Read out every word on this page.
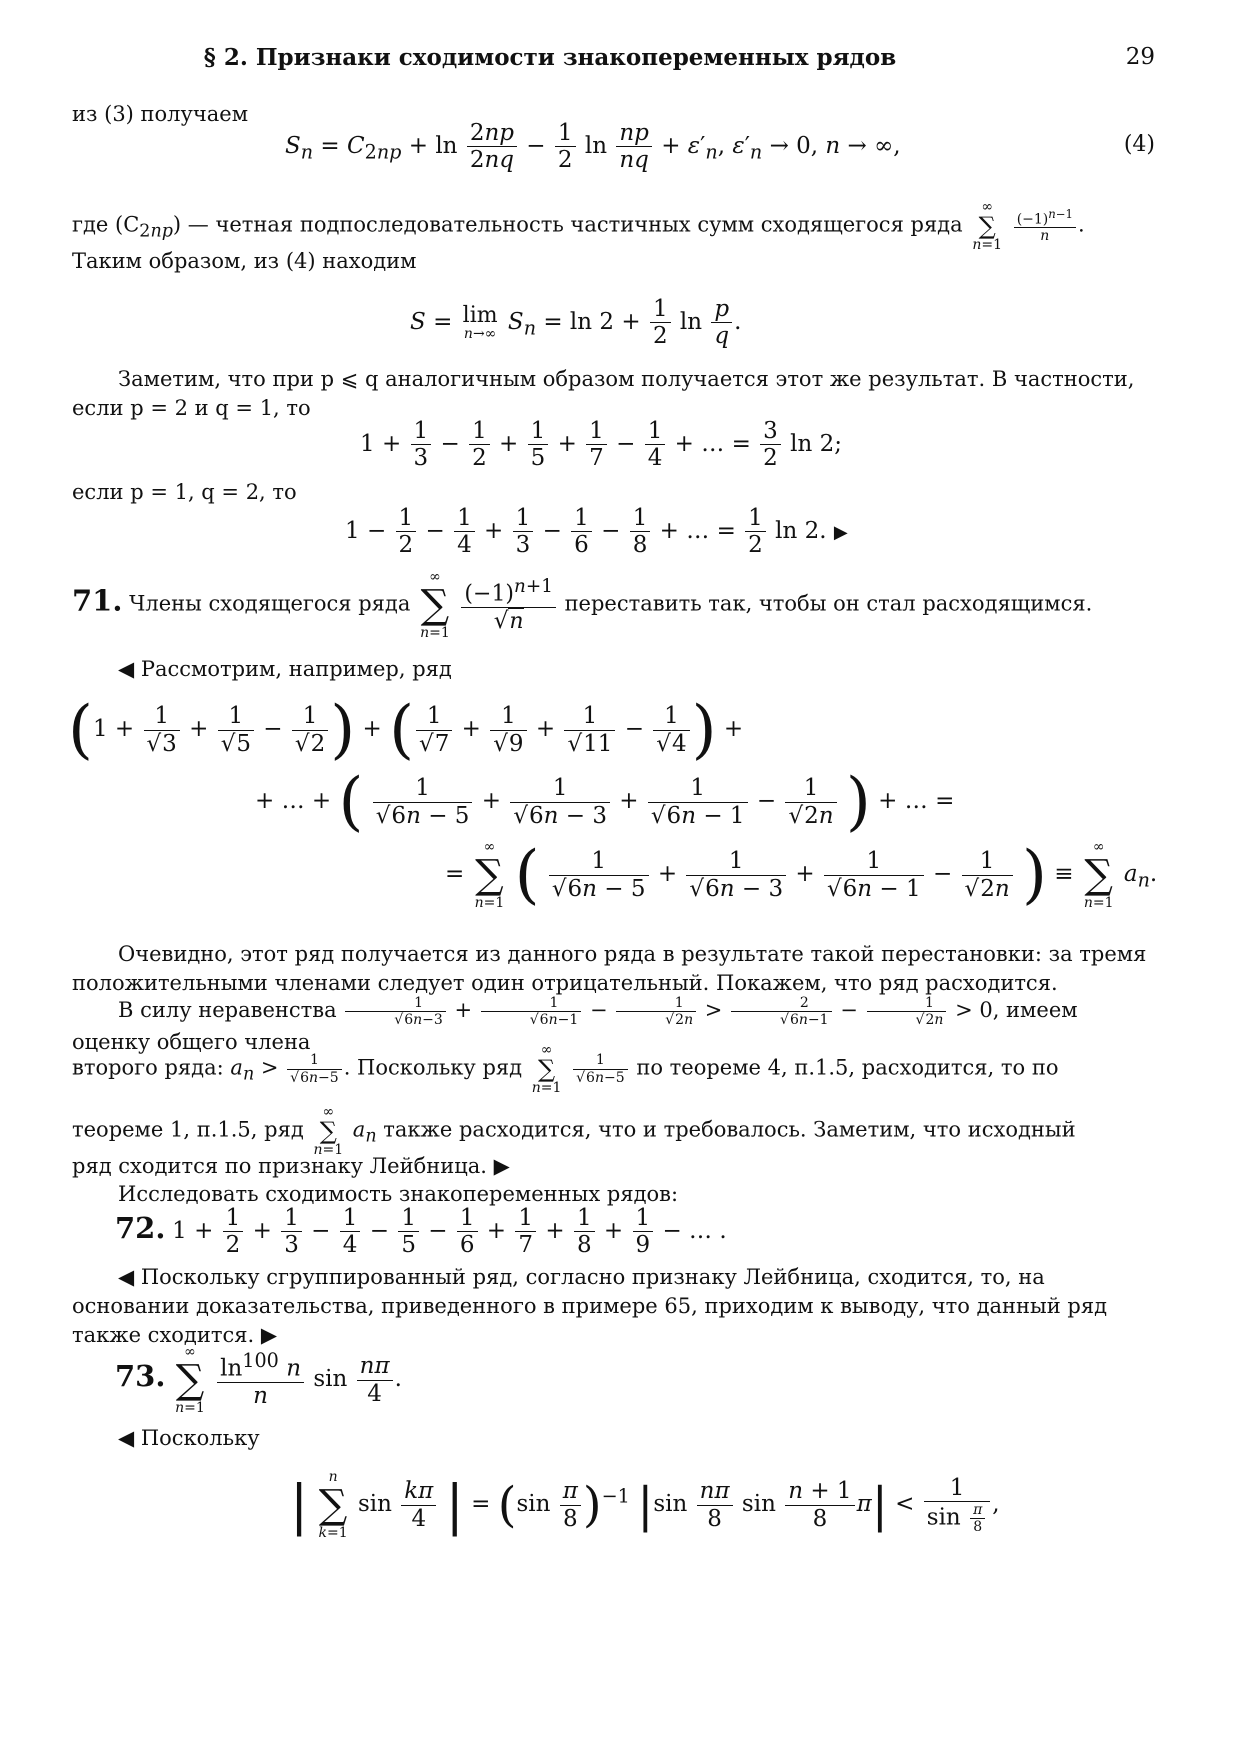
§ 2. Признаки сходимости знакопеременных рядов	29
из (3) получаем
$S_n = C_{2np} + \ln \frac{2np}{2nq} - \frac{1}{2}$ $\ln \frac{np}{nq} + \varepsilon'_n$, $\varepsilon'_n \to 0$, n → ∞,	(4)
где $(C_{2np})$ — четная подпоследовательность частичных сумм сходящегося ряда
∞
∑
n=1

$\frac{(-1)^{n-1}}{n}$ .
Таким образом, из (4) находим
S = lim
n→∞ $S_n = \ln 2 + \frac{1}{2}$ $\ln \frac{p}{q}$ .
Заметим, что при p ⩽ q аналогичным образом получается этот же результат. В частности, если p = 2 и q = 1, то
$1 + \frac{1}{3} - \frac{1}{2} + \frac{1}{5} + \frac{1}{7} - \frac{1}{4}$ + … = $\frac{3}{2}$ ln 2;
если p = 1, q = 2, то
$1 - \frac{1}{2} - \frac{1}{4} + \frac{1}{3} - \frac{1}{6} - \frac{1}{8}$ + … = $\frac{1}{2}$ ln 2. ▶
71. Члены сходящегося ряда
∞
∑
n=1
$\frac{(-1)^{n+1}}{√n}$ переставить так, чтобы он стал расходящимся.
◀ Рассмотрим, например, ряд
($1 + \frac{1}{√3} + \frac{1}{√5} - \frac{1}{√2}$ ) + ( $\frac{1}{√7} + \frac{1}{√9} + \frac{1}{√11} - \frac{1}{√4}$ ) +
+ … + ( $\frac{1}{√6n - 5} + \frac{1}{√6n - 3} + \frac{1}{√6n - 1} - \frac{1}{√2n}$ ) + … =
=
∞
∑
n=1 ( $\frac{1}{√6n - 5} + \frac{1}{√6n - 3} + \frac{1}{√6n - 1} - \frac{1}{√2n}$ ) ≡
∞
∑
n=1
$a_n$.
Очевидно, этот ряд получается из данного ряда в результате такой перестановки: за тремя положительными членами следует один отрицательный. Покажем, что ряд расходится.
В силу неравенства $\frac{1}{√6n-3} + \frac{1}{√6n-1} - \frac{1}{√2n} > \frac{2}{√6n-1} - \frac{1}{√2n} > 0$, имеем оценку общего члена
второго ряда: $a_n > \frac{1}{√6n-5}$ . Поскольку ряд
∞
∑
n=1

$\frac{1}{√6n-5}$ по теореме 4, п.1.5, расходится, то по
теореме 1, п.1.5, ряд
∞
∑
n=1
$a_n$ также расходится, что и требовалось. Заметим, что исходный
ряд сходится по признаку Лейбница. ▶
Исследовать сходимость знакопеременных рядов:
72. $1 + \frac{1}{2} + \frac{1}{3} - \frac{1}{4} - \frac{1}{5} - \frac{1}{6} + \frac{1}{7} + \frac{1}{8} + \frac{1}{9}$ − … .
◀ Поскольку сгруппированный ряд, согласно признаку Лейбница, сходится, то, на основании доказательства, приведенного в примере 65, приходим к выводу, что данный ряд также сходится. ▶
73.
∞
∑
n=1
$\frac{\ln^{100} n}{n}$ $\sin \frac{n\pi}{4}$ .
◀ Поскольку
|	n
∑
k=1
$\sin \frac{k\pi}{4}$ | = $(\sin \frac{\pi}{8} )^{-1}$ $|\sin \frac{n\pi}{8}$ $\sin \frac{n + 1}{8} \pi| < \frac{1}{\sin \frac{\pi}{8}}$ ,
